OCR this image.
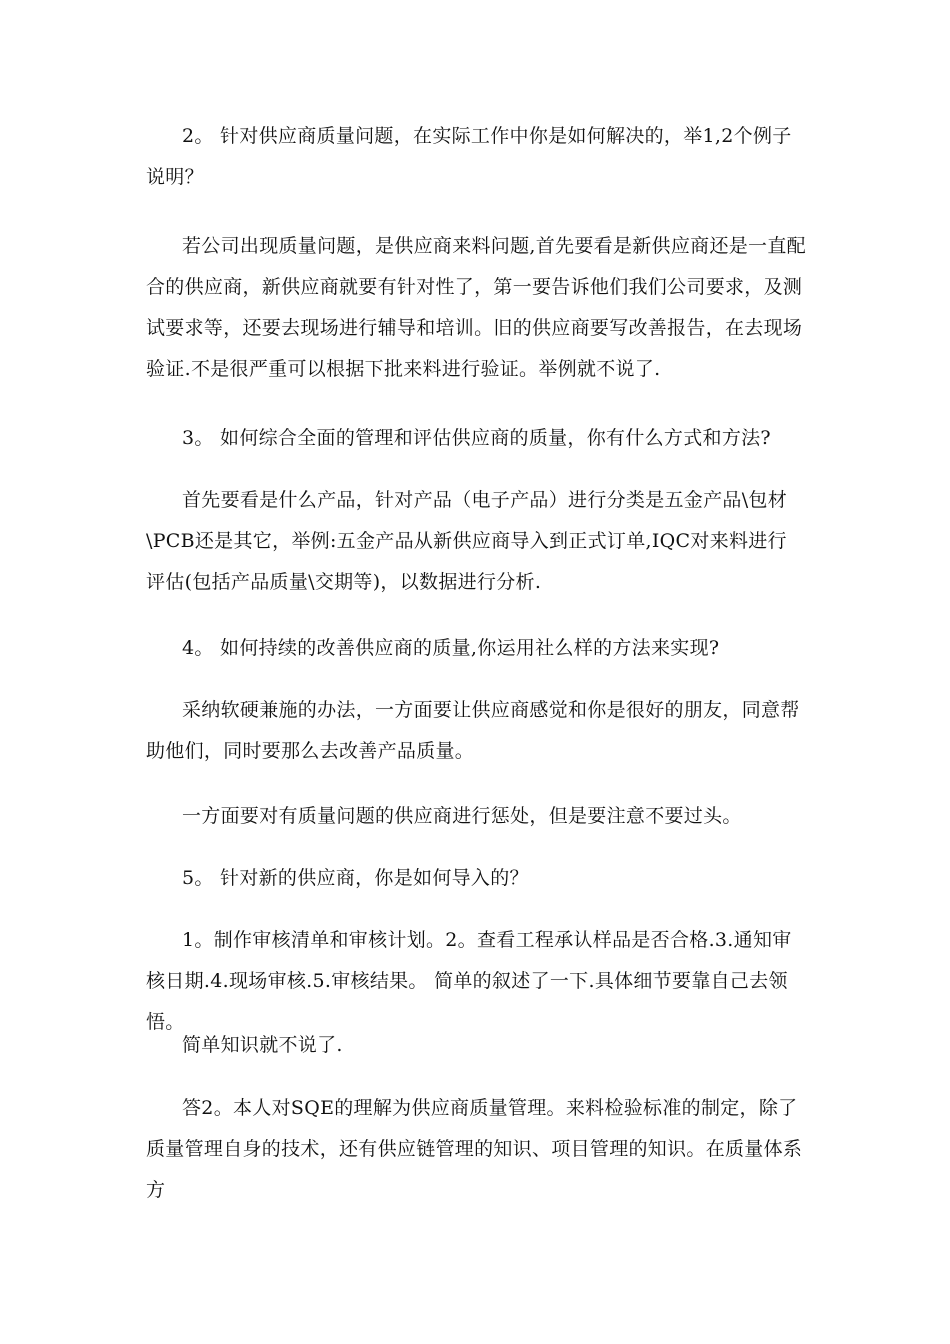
2。 针对供应商质量问题，在实际工作中你是如何解决的，举1,2个例子说明？

若公司出现质量问题，是供应商来料问题,首先要看是新供应商还是一直配合的供应商，新供应商就要有针对性了，第一要告诉他们我们公司要求，及测试要求等，还要去现场进行辅导和培训。旧的供应商要写改善报告，在去现场验证.不是很严重可以根据下批来料进行验证。举例就不说了.

3。 如何综合全面的管理和评估供应商的质量，你有什么方式和方法?

首先要看是什么产品，针对产品（电子产品）进行分类是五金产品\包材\PCB还是其它，举例:五金产品从新供应商导入到正式订单,IQC对来料进行评估(包括产品质量\交期等)，以数据进行分析.

4。 如何持续的改善供应商的质量,你运用社么样的方法来实现?

采纳软硬兼施的办法，一方面要让供应商感觉和你是很好的朋友，同意帮助他们，同时要那么去改善产品质量。

一方面要对有质量问题的供应商进行惩处，但是要注意不要过头。

5。 针对新的供应商，你是如何导入的？

1。制作审核清单和审核计划。2。查看工程承认样品是否合格.3.通知审核日期.4.现场审核.5.审核结果。 简单的叙述了一下.具体细节要靠自己去领悟。

简单知识就不说了.

答2。本人对SQE的理解为供应商质量管理。来料检验标准的制定，除了质量管理自身的技术，还有供应链管理的知识、项目管理的知识。在质量体系方
